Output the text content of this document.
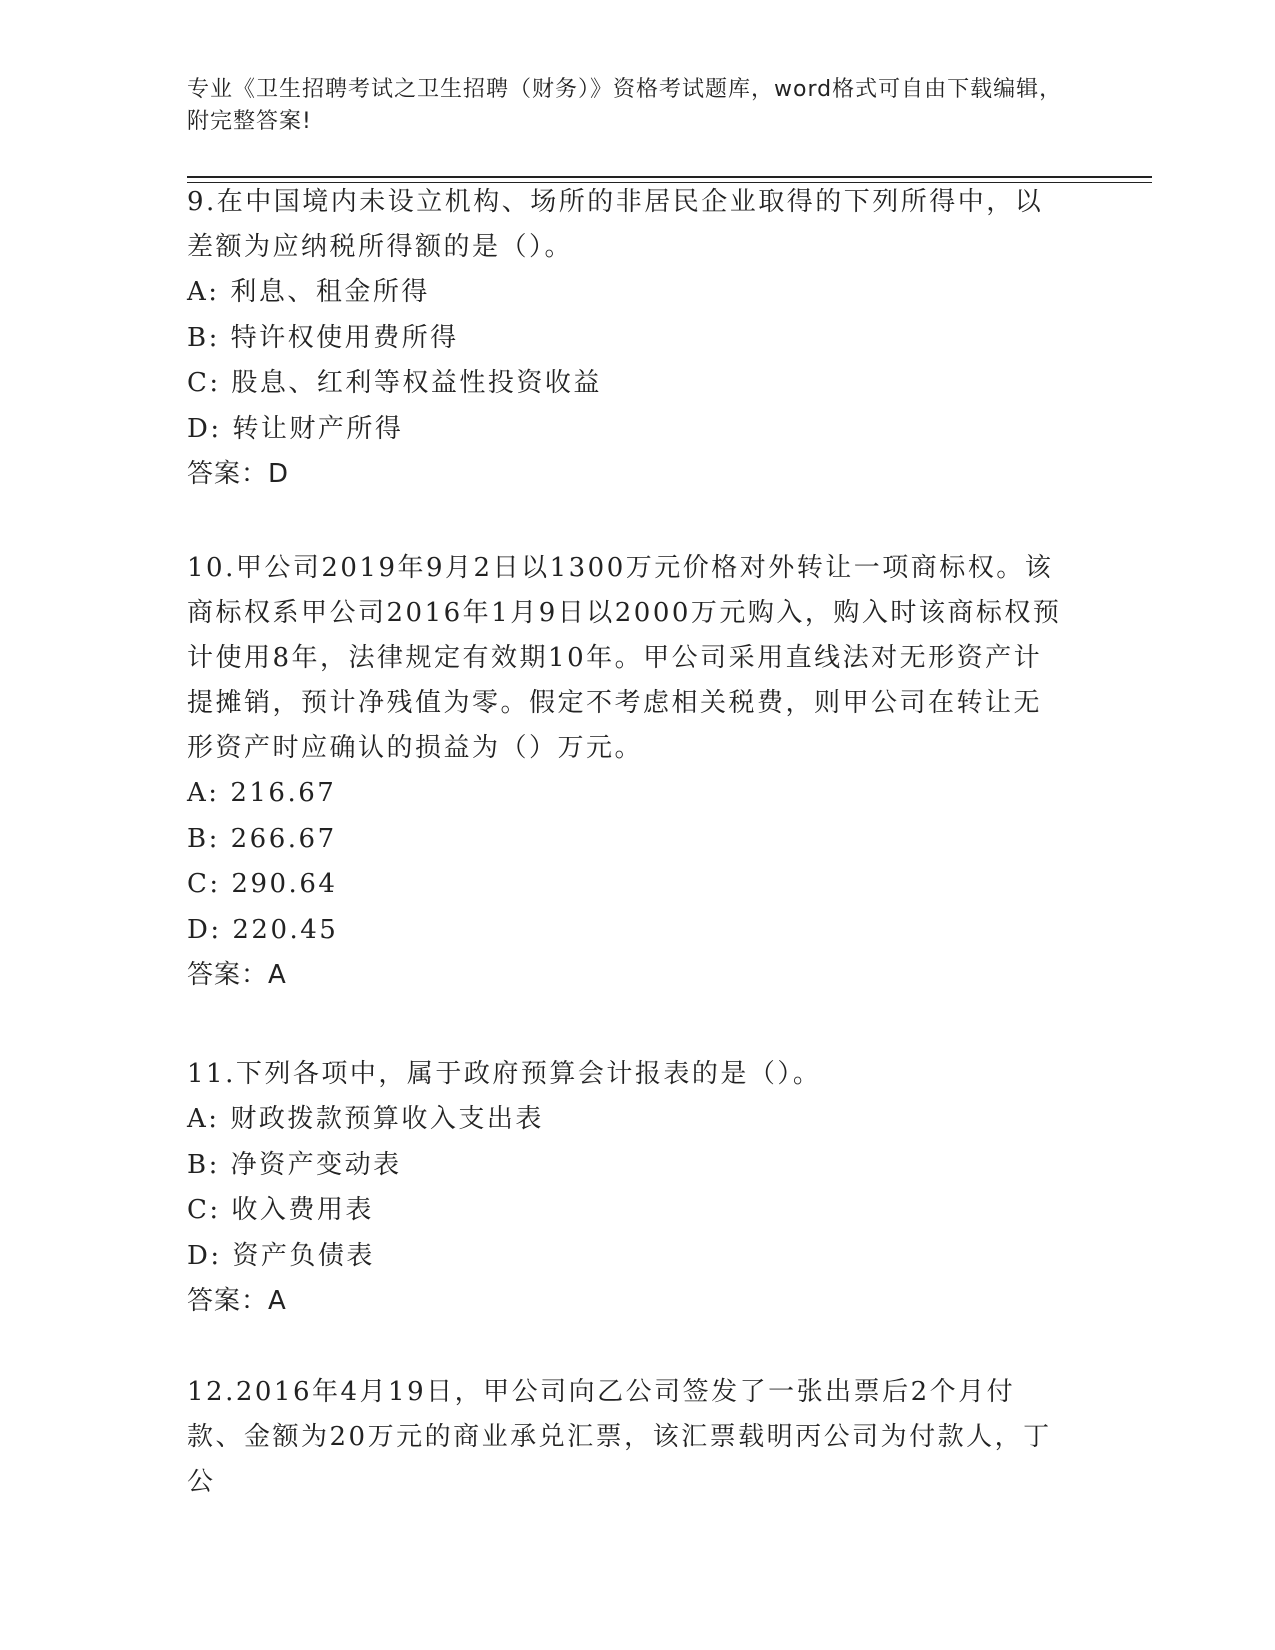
专业《卫生招聘考试之卫生招聘（财务）》资格考试题库，word格式可自由下载编辑，附完整答案!

9.在中国境内未设立机构、场所的非居民企业取得的下列所得中，以差额为应纳税所得额的是（）。

A: 利息、租金所得

B: 特许权使用费所得

C: 股息、红利等权益性投资收益

D: 转让财产所得

答案：D

10.甲公司2019年9月2日以1300万元价格对外转让一项商标权。该商标权系甲公司2016年1月9日以2000万元购入，购入时该商标权预计使用8年，法律规定有效期10年。甲公司采用直线法对无形资产计提摊销，预计净残值为零。假定不考虑相关税费，则甲公司在转让无形资产时应确认的损益为（）万元。

A: 216.67

B: 266.67

C: 290.64

D: 220.45

答案：A

11.下列各项中，属于政府预算会计报表的是（）。

A: 财政拨款预算收入支出表

B: 净资产变动表

C: 收入费用表

D: 资产负债表

答案：A

12.2016年4月19日，甲公司向乙公司签发了一张出票后2个月付款、金额为20万元的商业承兑汇票，该汇票载明丙公司为付款人，丁公
